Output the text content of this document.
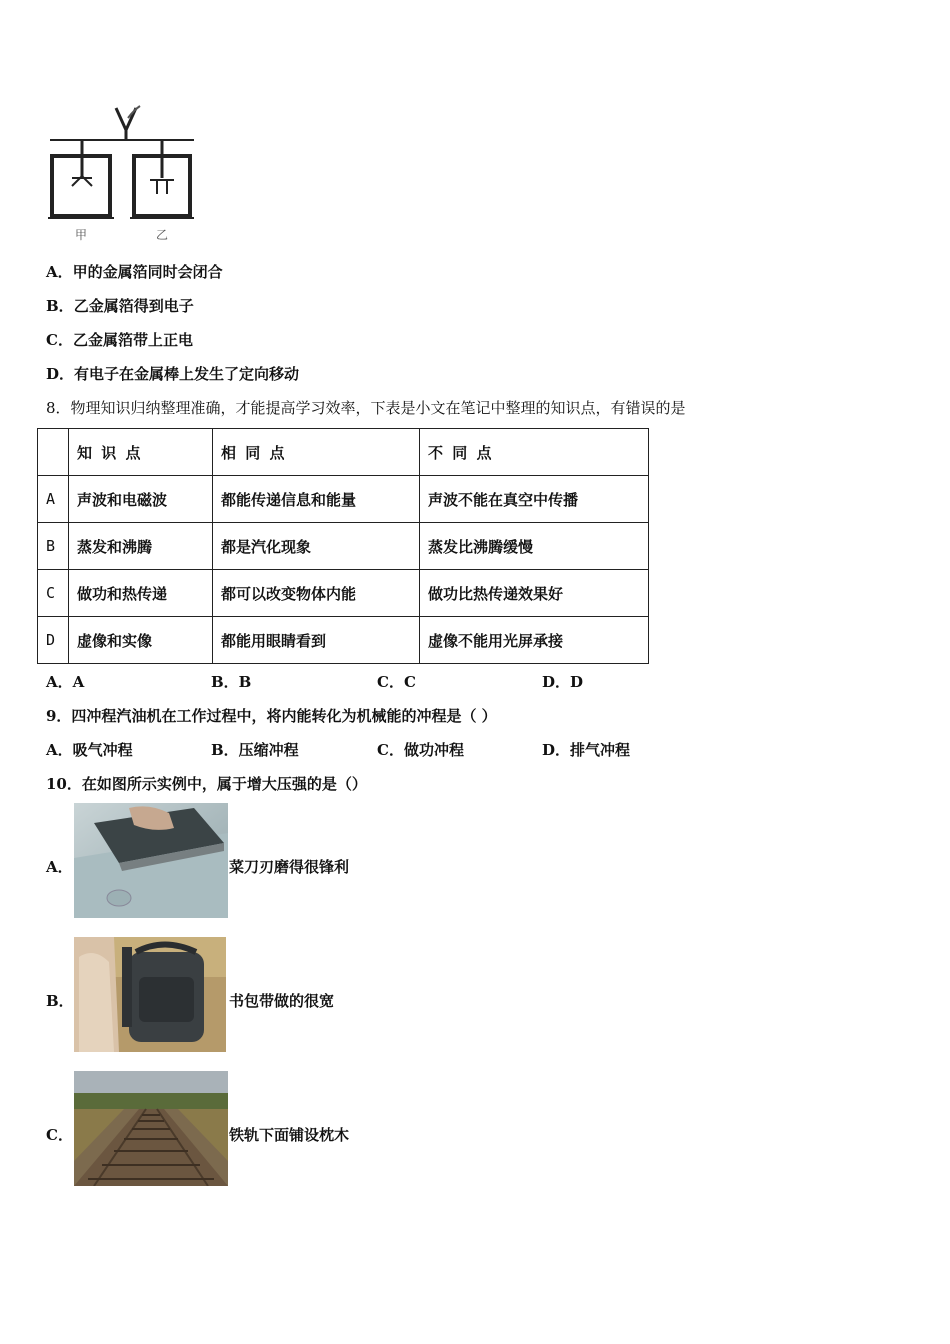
甲	乙
A．甲的金属箔同时会闭合
B．乙金属箔得到电子
C．乙金属箔带上正电
D．有电子在金属棒上发生了定向移动
8．物理知识归纳整理准确，才能提高学习效率，下表是小文在笔记中整理的知识点，有错误的是
	知 识 点	相 同 点	不 同 点
A	声波和电磁波	都能传递信息和能量	声波不能在真空中传播
B	蒸发和沸腾	都是汽化现象	蒸发比沸腾缓慢
C	做功和热传递	都可以改变物体内能	做功比热传递效果好
D	虚像和实像	都能用眼睛看到	虚像不能用光屏承接
A．A	B．B	C．C	D．D
9．四冲程汽油机在工作过程中，将内能转化为机械能的冲程是（ ）
A．吸气冲程	B．压缩冲程	C．做功冲程	D．排气冲程
10．在如图所示实例中，属于增大压强的是（）
A．	菜刀刃磨得很锋利
B．	书包带做的很宽
C．	铁轨下面铺设枕木
